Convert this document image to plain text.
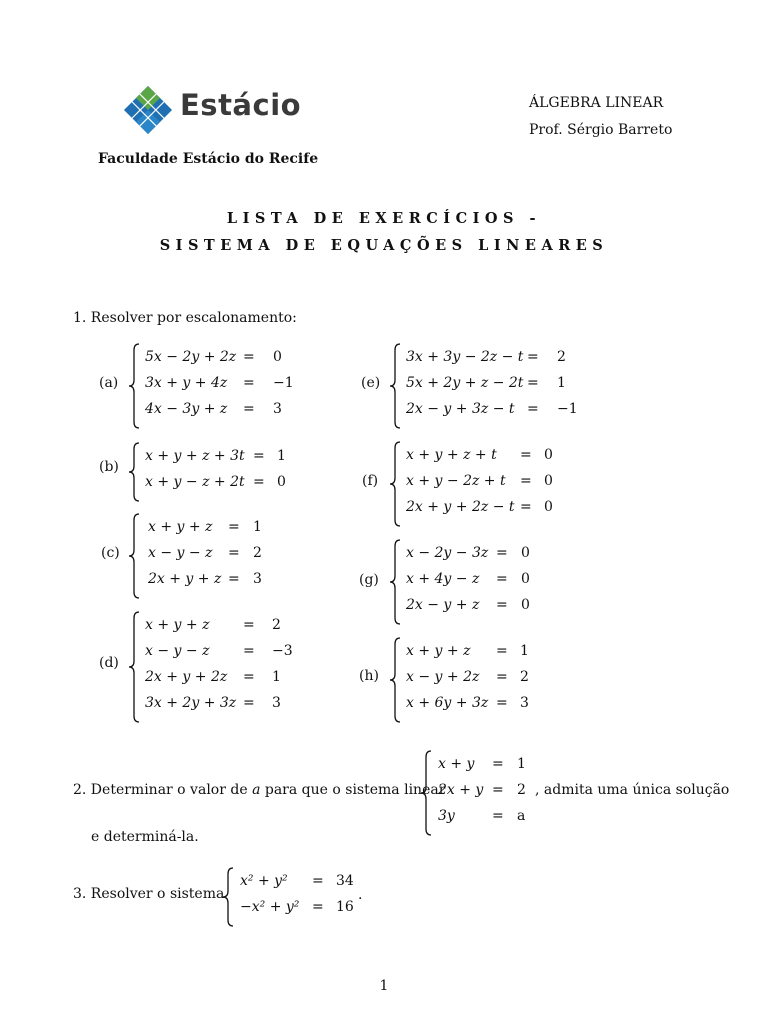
Estácio
Faculdade Estácio do Recife
ÁLGEBRA LINEAR
Prof. Sérgio Barreto
LISTA DE EXERCÍCIOS -
SISTEMA DE EQUAÇÕES LINEARES
1. Resolver por escalonamento:
(a)
5x − 2y + 2z = 0
3x + y + 4z = −1
4x − 3y + z = 3
(b)
x + y + z + 3t = 1
x + y − z + 2t = 0
(c)
x + y + z = 1
x − y − z = 2
2x + y + z = 3
(d)
x + y + z = 2
x − y − z = −3
2x + y + 2z = 1
3x + 2y + 3z = 3
(e)
3x + 3y − 2z − t = 2
5x + 2y + z − 2t = 1
2x − y + 3z − t = −1
(f)
x + y + z + t = 0
x + y − 2z + t = 0
2x + y + 2z − t = 0
(g)
x − 2y − 3z = 0
x + 4y − z = 0
2x − y + z = 0
(h)
x + y + z = 1
x − y + 2z = 2
x + 6y + 3z = 3
2. Determinar o valor de a para que o sistema linear
x + y = 1
2x + y = 2
3y	= a
, admita uma única solução
e determiná-la.
3. Resolver o sistema
x² + y² = 34
−x² + y² = 16
.
1
